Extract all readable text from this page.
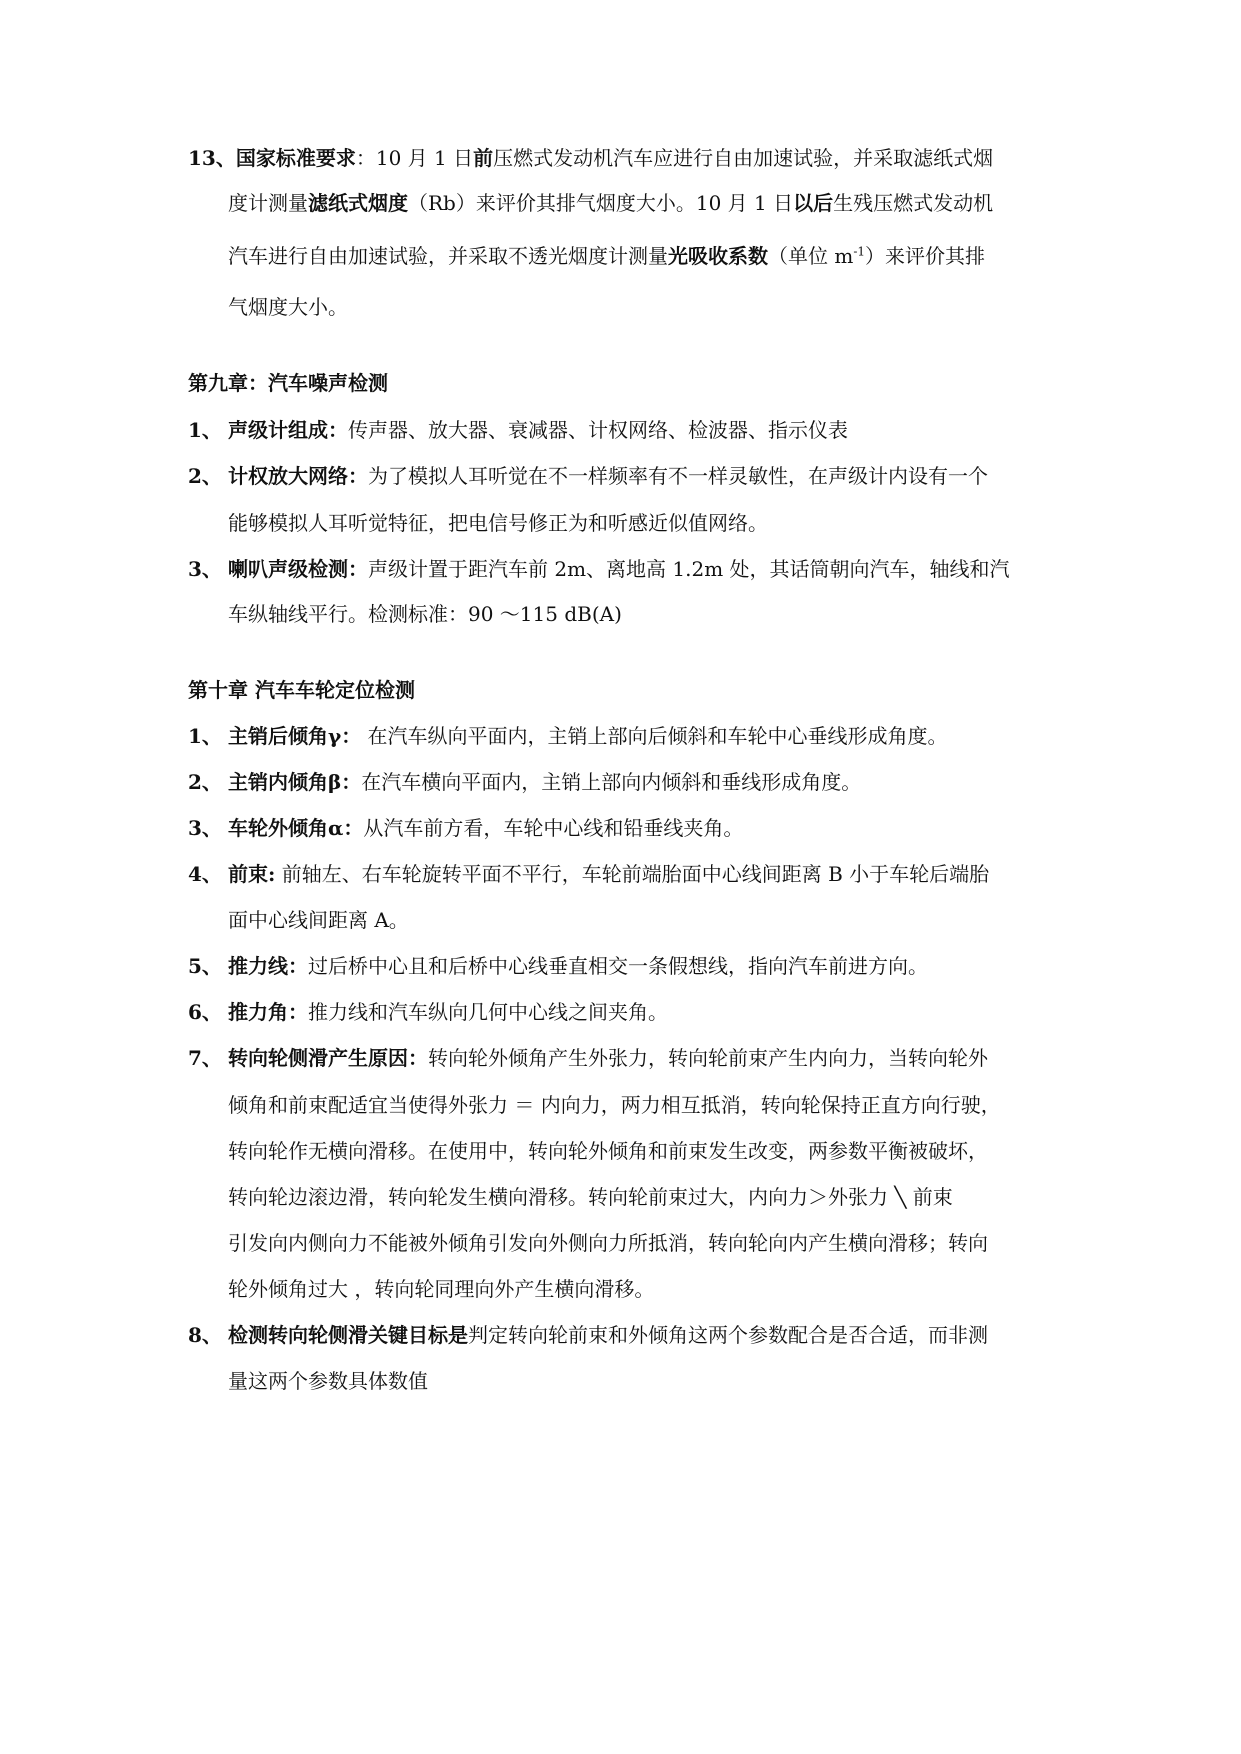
13、国家标准要求：10 月 1 日前压燃式发动机汽车应进行自由加速试验，并采取滤纸式烟
度计测量滤纸式烟度（Rb）来评价其排气烟度大小。10 月 1 日以后生残压燃式发动机
汽车进行自由加速试验，并采取不透光烟度计测量光吸收系数（单位 $m^{-1}$）来评价其排
气烟度大小。
第九章：汽车噪声检测
1、 声级计组成：传声器、放大器、衰减器、计权网络、检波器、指示仪表
2、 计权放大网络：为了模拟人耳听觉在不一样频率有不一样灵敏性，在声级计内设有一个
能够模拟人耳听觉特征，把电信号修正为和听感近似值网络。
3、 喇叭声级检测：声级计置于距汽车前 2m、离地高 1.2m 处，其话筒朝向汽车，轴线和汽
车纵轴线平行。检测标准：90 ～115 dB(A)
第十章 汽车车轮定位检测
1、 主销后倾角γ： 在汽车纵向平面内，主销上部向后倾斜和车轮中心垂线形成角度。
2、 主销内倾角β：在汽车横向平面内，主销上部向内倾斜和垂线形成角度。
3、 车轮外倾角α：从汽车前方看，车轮中心线和铅垂线夹角。
4、 前束: 前轴左、右车轮旋转平面不平行，车轮前端胎面中心线间距离 B 小于车轮后端胎
面中心线间距离 A。
5、 推力线：过后桥中心且和后桥中心线垂直相交一条假想线，指向汽车前进方向。
6、 推力角：推力线和汽车纵向几何中心线之间夹角。
7、 转向轮侧滑产生原因：转向轮外倾角产生外张力，转向轮前束产生内向力，当转向轮外
倾角和前束配适宜当使得外张力 ＝ 内向力，两力相互抵消，转向轮保持正直方向行驶，
转向轮作无横向滑移。在使用中，转向轮外倾角和前束发生改变，两参数平衡被破坏，
转向轮边滚边滑，转向轮发生横向滑移。转向轮前束过大，内向力＞外张力 ╲ 前束
引发向内侧向力不能被外倾角引发向外侧向力所抵消，转向轮向内产生横向滑移；转向
轮外倾角过大 ，转向轮同理向外产生横向滑移。
8、 检测转向轮侧滑关键目标是判定转向轮前束和外倾角这两个参数配合是否合适，而非测
量这两个参数具体数值
